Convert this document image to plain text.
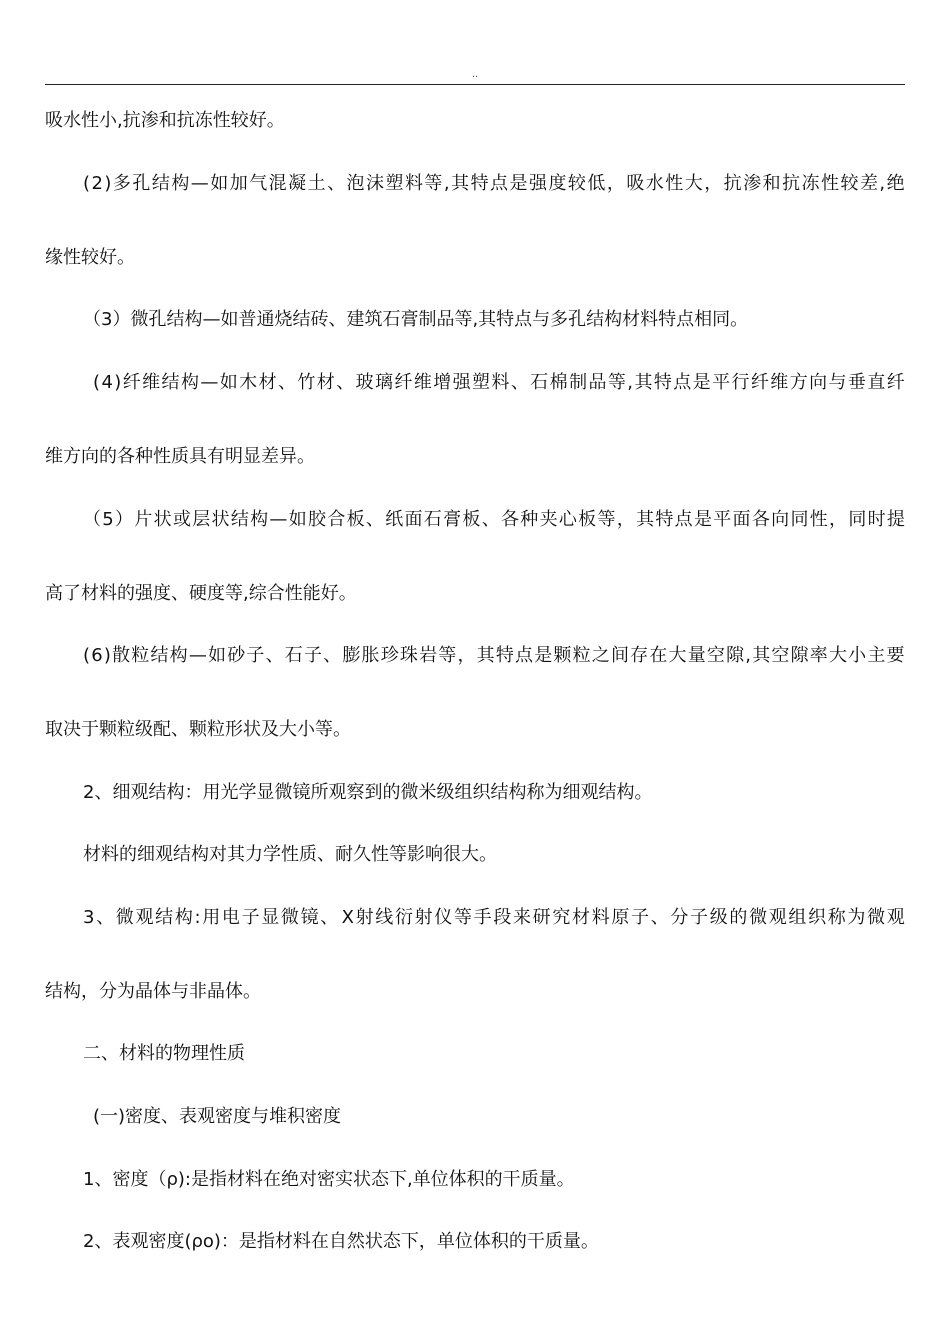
..
吸水性小,抗渗和抗冻性较好。
( 2 ) 多 孔 结 构 — 如 加 气 混 凝 土 、 泡 沫 塑 料 等 , 其 特 点 是 强 度 较 低 ， 吸 水 性 大 ， 抗 渗 和 抗 冻 性 较 差 , 绝
缘性较好。
（3）微孔结构—如普通烧结砖、建筑石膏制品等,其特点与多孔结构材料特点相同。
( 4 ) 纤 维 结 构 — 如 木 材 、 竹 材 、 玻 璃 纤 维 增 强 塑 料 、 石 棉 制 品 等 , 其 特 点 是 平 行 纤 维 方 向 与 垂 直 纤
维方向的各种性质具有明显差异。
（ 5 ） 片 状 或 层 状 结 构 — 如 胶 合 板 、 纸 面 石 膏 板 、 各 种 夹 心 板 等 ， 其 特 点 是 平 面 各 向 同 性 ， 同 时 提
高了材料的强度、硬度等,综合性能好。
( 6 ) 散 粒 结 构 — 如 砂 子 、 石 子 、 膨 胀 珍 珠 岩 等 ， 其 特 点 是 颗 粒 之 间 存 在 大 量 空 隙 , 其 空 隙 率 大 小 主 要
取决于颗粒级配、颗粒形状及大小等。
2、细观结构：用光学显微镜所观察到的微米级组织结构称为细观结构。
材料的细观结构对其力学性质、耐久性等影响很大。
3 、 微 观 结 构 : 用 电 子 显 微 镜 、 X 射 线 衍 射 仪 等 手 段 来 研 究 材 料 原 子 、 分 子 级 的 微 观 组 织 称 为 微 观
结构，分为晶体与非晶体。
二、材料的物理性质
(一)密度、表观密度与堆积密度
1、密度（ρ):是指材料在绝对密实状态下,单位体积的干质量。
2、表观密度(ρo)：是指材料在自然状态下，单位体积的干质量。
